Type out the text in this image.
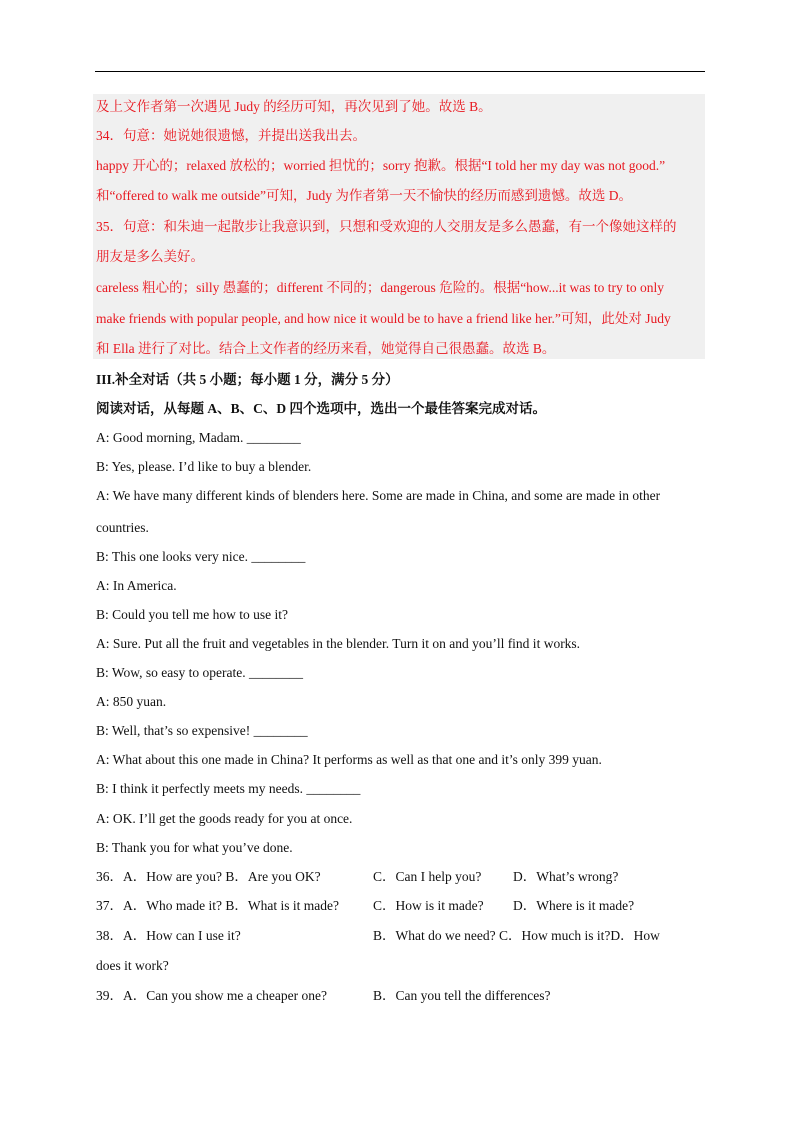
及上文作者第一次遇见 Judy 的经历可知，再次见到了她。故选 B。
34．句意：她说她很遗憾，并提出送我出去。
happy 开心的；relaxed 放松的；worried 担忧的；sorry 抱歉。根据“I told her my day was not good.”
和“offered to walk me outside”可知，Judy 为作者第一天不愉快的经历而感到遗憾。故选 D。
35．句意：和朱迪一起散步让我意识到，只想和受欢迎的人交朋友是多么愚蠢，有一个像她这样的
朋友是多么美好。
careless 粗心的；silly 愚蠢的；different 不同的；dangerous 危险的。根据“how...it was to try to only
make friends with popular people, and how nice it would be to have a friend like her.”可知，此处对 Judy
和 Ella 进行了对比。结合上文作者的经历来看，她觉得自己很愚蠢。故选 B。
III.补全对话（共 5 小题；每小题 1 分，满分 5 分）
阅读对话，从每题 A、B、C、D 四个选项中，选出一个最佳答案完成对话。
A: Good morning, Madam. ________
B: Yes, please. I’d like to buy a blender.
A: We have many different kinds of blenders here. Some are made in China, and some are made in other
countries.
B: This one looks very nice. ________
A: In America.
B: Could you tell me how to use it?
A: Sure. Put all the fruit and vegetables in the blender. Turn it on and you’ll find it works.
B: Wow, so easy to operate. ________
A: 850 yuan.
B: Well, that’s so expensive! ________
A: What about this one made in China? It performs as well as that one and it’s only 399 yuan.
B: I think it perfectly meets my needs. ________
A: OK. I’ll get the goods ready for you at once.
B: Thank you for what you’ve done.
36．A．How are you? B．Are you OK?	C．Can I help you? D．What’s wrong?
37．A．Who made it? B．What is it made?	C．How is it made? D．Where is it made?
38．A．How can I use it?	B．What do we need? C．How much is it?D．How
does it work?
39．A．Can you show me a cheaper one?	B．Can you tell the differences?
